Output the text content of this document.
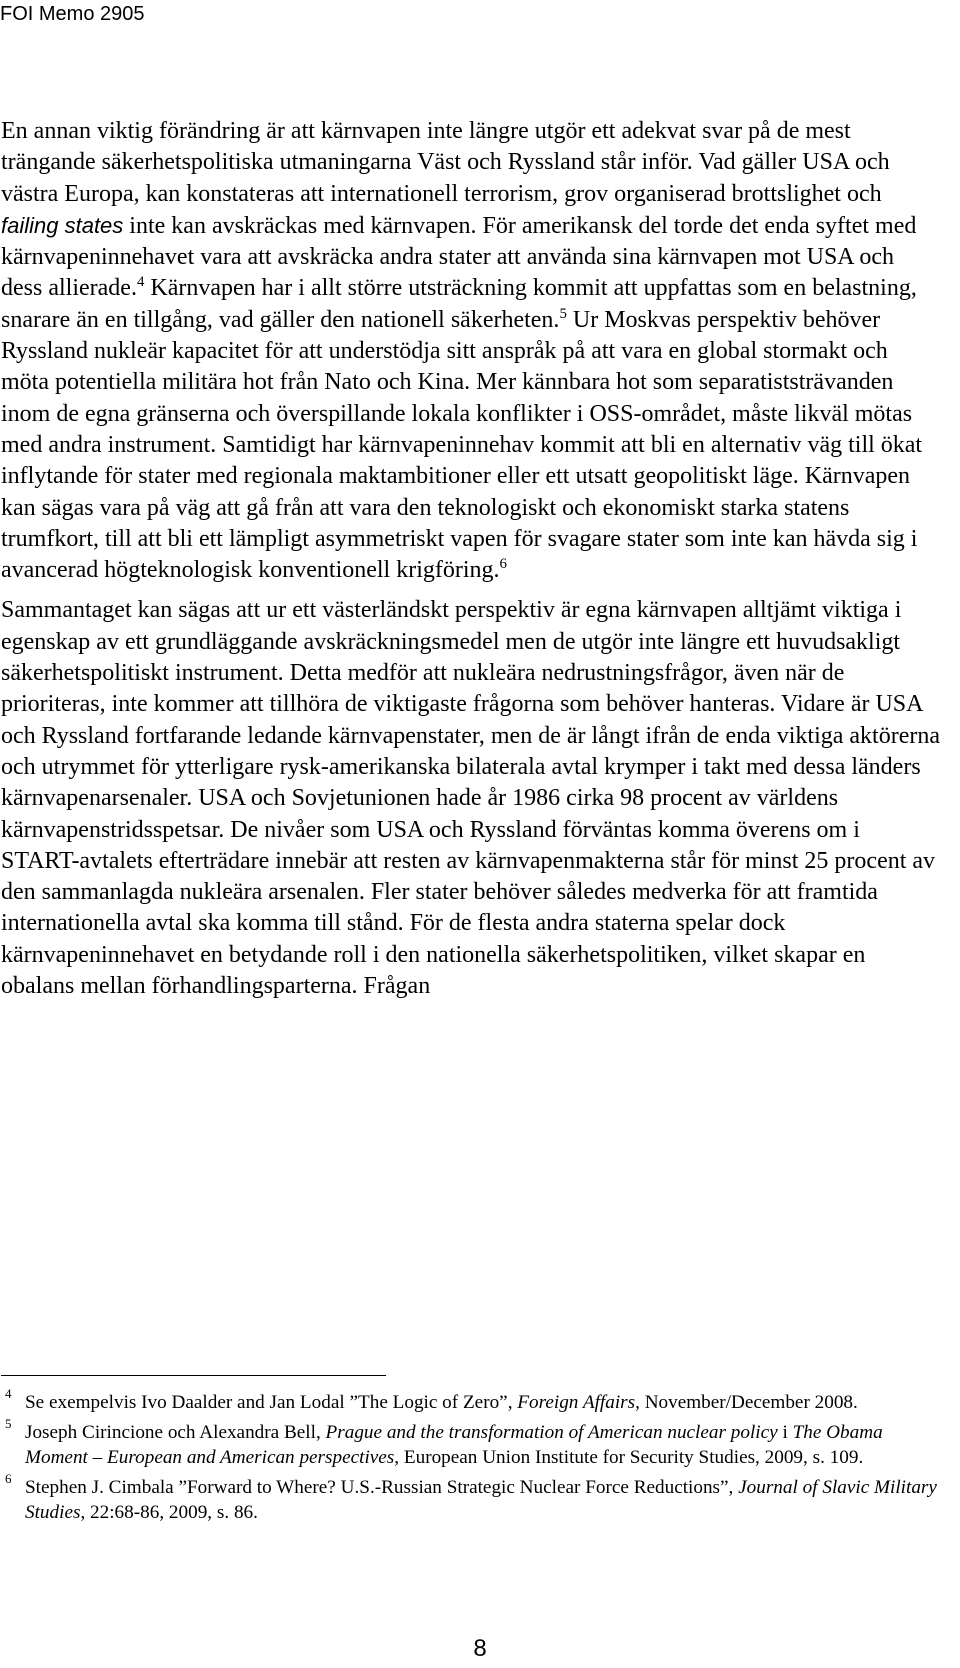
FOI Memo 2905

En annan viktig förändring är att kärnvapen inte längre utgör ett adekvat svar på de mest trängande säkerhetspolitiska utmaningarna Väst och Ryssland står inför. Vad gäller USA och västra Europa, kan konstateras att internationell terrorism, grov organiserad brottslighet och failing states inte kan avskräckas med kärnvapen. För amerikansk del torde det enda syftet med kärnvapeninnehavet vara att avskräcka andra stater att använda sina kärnvapen mot USA och dess allierade.$^4$ Kärnvapen har i allt större utsträckning kommit att uppfattas som en belastning, snarare än en tillgång, vad gäller den nationell säkerheten.$^5$ Ur Moskvas perspektiv behöver Ryssland nukleär kapacitet för att understödja sitt anspråk på att vara en global stormakt och möta potentiella militära hot från Nato och Kina. Mer kännbara hot som separatiststrävanden inom de egna gränserna och överspillande lokala konflikter i OSS-området, måste likväl mötas med andra instrument. Samtidigt har kärnvapeninnehav kommit att bli en alternativ väg till ökat inflytande för stater med regionala maktambitioner eller ett utsatt geopolitiskt läge. Kärnvapen kan sägas vara på väg att gå från att vara den teknologiskt och ekonomiskt starka statens trumfkort, till att bli ett lämpligt asymmetriskt vapen för svagare stater som inte kan hävda sig i avancerad högteknologisk konventionell krigföring.$^6$

Sammantaget kan sägas att ur ett västerländskt perspektiv är egna kärnvapen alltjämt viktiga i egenskap av ett grundläggande avskräckningsmedel men de utgör inte längre ett huvudsakligt säkerhetspolitiskt instrument. Detta medför att nukleära nedrustningsfrågor, även när de prioriteras, inte kommer att tillhöra de viktigaste frågorna som behöver hanteras. Vidare är USA och Ryssland fortfarande ledande kärnvapenstater, men de är långt ifrån de enda viktiga aktörerna och utrymmet för ytterligare rysk-amerikanska bilaterala avtal krymper i takt med dessa länders kärnvapenarsenaler. USA och Sovjetunionen hade år 1986 cirka 98 procent av världens kärnvapenstridsspetsar. De nivåer som USA och Ryssland förväntas komma överens om i START-avtalets efterträdare innebär att resten av kärnvapenmakterna står för minst 25 procent av den sammanlagda nukleära arsenalen. Fler stater behöver således medverka för att framtida internationella avtal ska komma till stånd. För de flesta andra staterna spelar dock kärnvapeninnehavet en betydande roll i den nationella säkerhetspolitiken, vilket skapar en obalans mellan förhandlingsparterna. Frågan

4 Se exempelvis Ivo Daalder and Jan Lodal ”The Logic of Zero”, Foreign Affairs, November/December 2008.
5 Joseph Cirincione och Alexandra Bell, Prague and the transformation of American nuclear policy i The Obama Moment – European and American perspectives, European Union Institute for Security Studies, 2009, s. 109.
6 Stephen J. Cimbala ”Forward to Where? U.S.-Russian Strategic Nuclear Force Reductions”, Journal of Slavic Military Studies, 22:68-86, 2009, s. 86.
8
